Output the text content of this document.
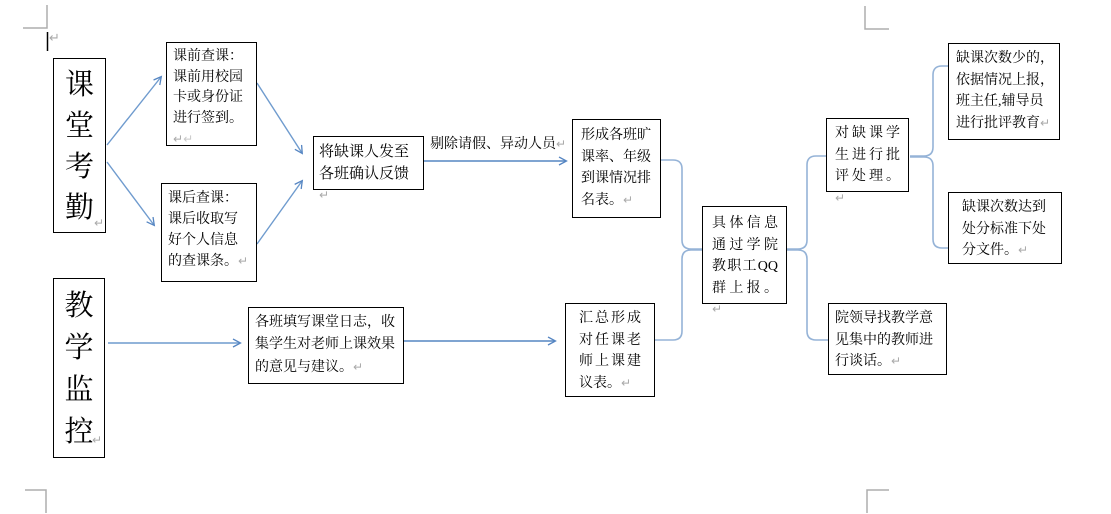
↵
课堂考勤 ↵
教学监控
↵
课前查课：课前用校园卡或身份证进行签到。↵↵
课后查课：课后收取写好个人信息的查课条。↵
将缺课人发至各班确认反馈↵
剔除请假、异动人员↵
形成各班旷课率、年级到课情况排名表。↵
具体信息通过学院教职工QQ群上报。↵
对缺课学生进行批评处理。↵
缺课次数少的，依据情况上报，班主任,辅导员进行批评教育↵
缺课次数达到处分标准下处分文件。↵
院领导找教学意见集中的教师进行谈话。↵
各班填写课堂日志，收集学生对老师上课效果的意见与建议。↵
汇总形成对任课老师上课建议表。↵
